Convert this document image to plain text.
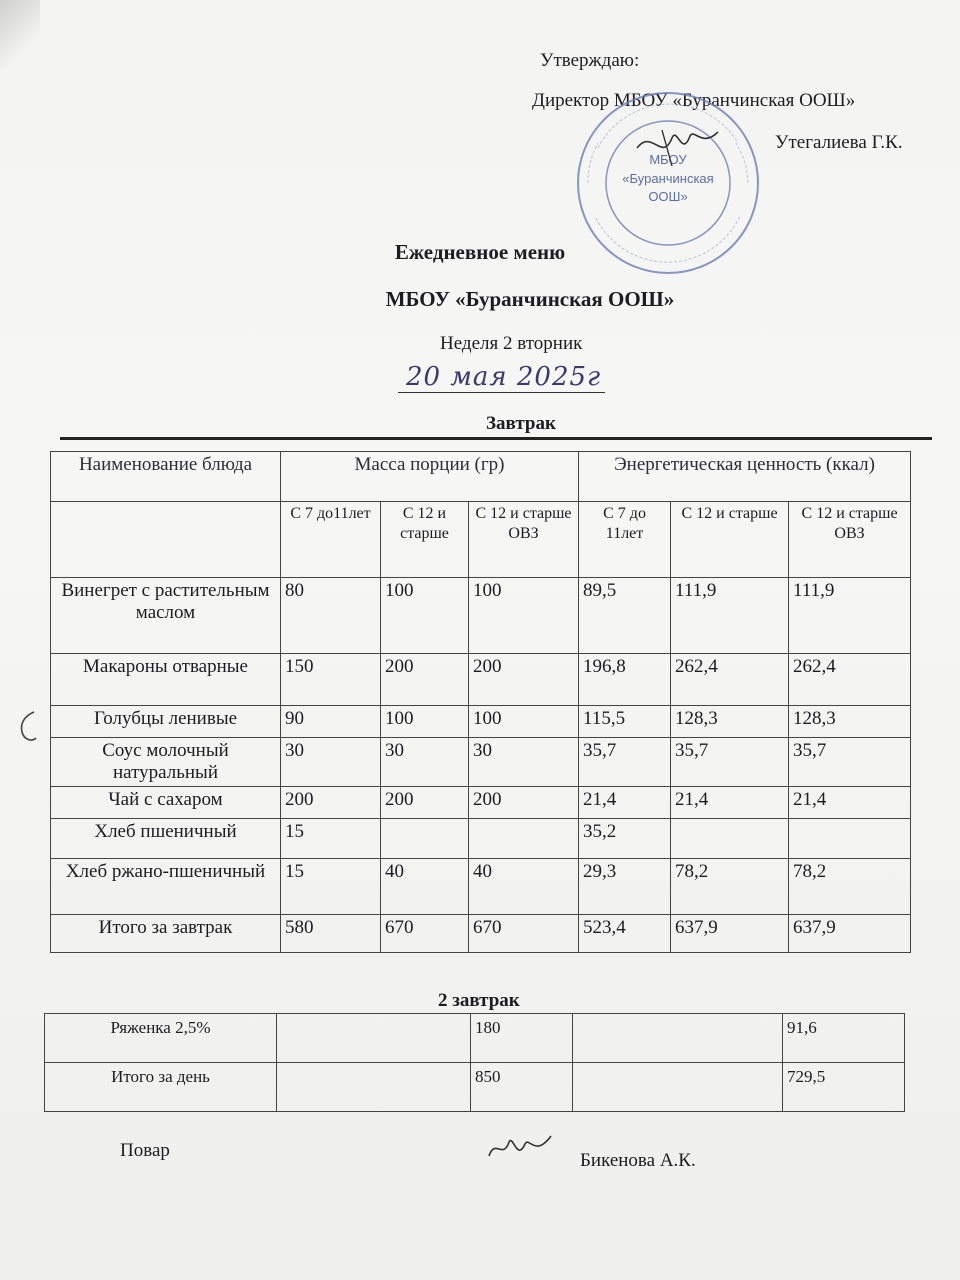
Утверждаю:
Директор МБОУ «Буранчинская ООШ»
Утегалиева Г.К.
МБОУ
«Буранчинская
ООШ»
Ежедневное меню
МБОУ «Буранчинская ООШ»
Неделя 2 вторник
20 мая 2025г
Завтрак
Наименование блюда	Масса порции (гр)			Энергетическая ценность (ккал)		
	С 7 до11лет	С 12 и старше	С 12 и старше ОВЗ	С 7 до 11лет	С 12 и старше	С 12 и старше ОВЗ
Винегрет с растительным маслом	80	100	100	89,5	111,9	111,9
Макароны отварные	150	200	200	196,8	262,4	262,4
Голубцы ленивые	90	100	100	115,5	128,3	128,3
Соус молочный натуральный	30	30	30	35,7	35,7	35,7
Чай с сахаром	200	200	200	21,4	21,4	21,4
Хлеб пшеничный	15			35,2		
Хлеб ржано-пшеничный	15	40	40	29,3	78,2	78,2
Итого за завтрак	580	670	670	523,4	637,9	637,9
2 завтрак
Ряженка 2,5%		180		91,6
Итого за день		850		729,5
Повар	Бикенова А.К.
